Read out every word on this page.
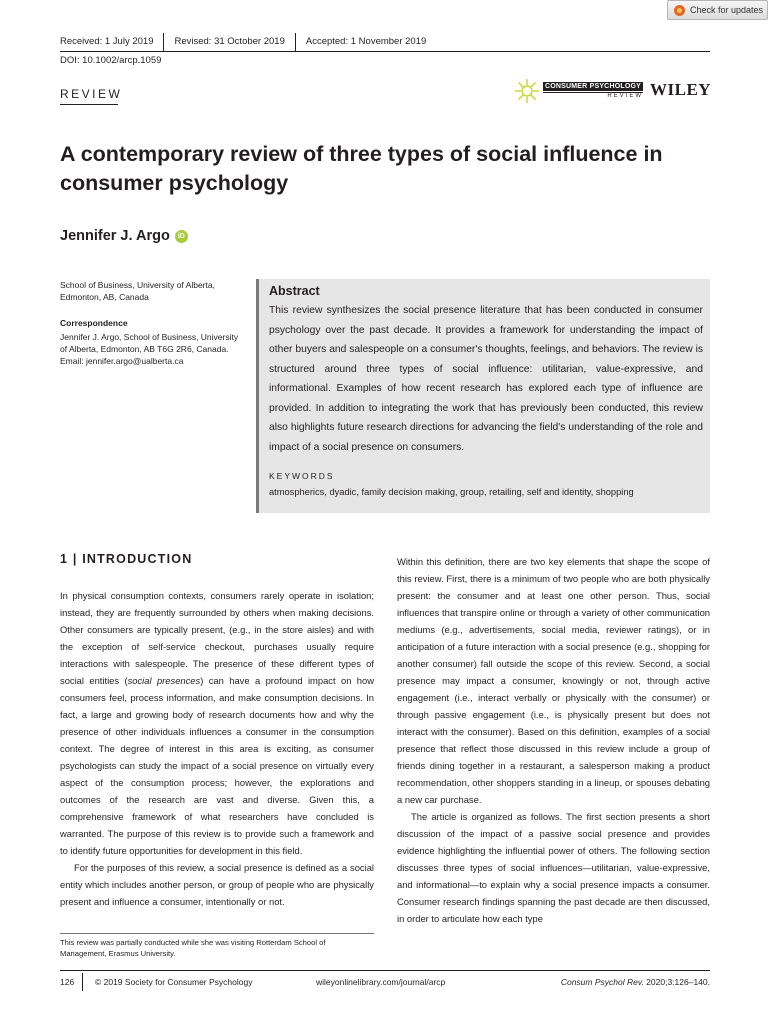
Check for updates
Received: 1 July 2019	Revised: 31 October 2019	Accepted: 1 November 2019
DOI: 10.1002/arcp.1059
REVIEW
CONSUMER PSYCHOLOGY
REVIEW WILEY
A contemporary review of three types of social influence in consumer psychology
Jennifer J. Argo	iD
School of Business, University of Alberta, Edmonton, AB, Canada
Correspondence
Jennifer J. Argo, School of Business, University of Alberta, Edmonton, AB T6G 2R6, Canada.
Email: jennifer.argo@ualberta.ca
Abstract
This review synthesizes the social presence literature that has been conducted in consumer psychology over the past decade. It provides a framework for understanding the impact of other buyers and salespeople on a consumer's thoughts, feelings, and behaviors. The review is structured around three types of social influence: utilitarian, value-expressive, and informational. Examples of how recent research has explored each type of influence are provided. In addition to integrating the work that has previously been conducted, this review also highlights future research directions for advancing the field's understanding of the role and impact of a social presence on consumers.
KEYWORDS
atmospherics, dyadic, family decision making, group, retailing, self and identity, shopping
1 | INTRODUCTION

In physical consumption contexts, consumers rarely operate in isolation; instead, they are frequently surrounded by others when making decisions. Other consumers are typically present, (e.g., in the store aisles) and with the exception of self-service checkout, purchases usually require interactions with salespeople. The presence of these different types of social entities (social presences) can have a profound impact on how consumers feel, process information, and make consumption decisions. In fact, a large and growing body of research documents how and why the presence of other individuals influences a consumer in the consumption context. The degree of interest in this area is exciting, as consumer psychologists can study the impact of a social presence on virtually every aspect of the consumption process; however, the explorations and outcomes of the research are vast and diverse. Given this, a comprehensive framework of what researchers have concluded is warranted. The purpose of this review is to provide such a framework and to identify future opportunities for development in this field.

For the purposes of this review, a social presence is defined as a social entity which includes another person, or group of people who are physically present and influence a consumer, intentionally or not.

Within this definition, there are two key elements that shape the scope of this review. First, there is a minimum of two people who are both physically present: the consumer and at least one other person. Thus, social influences that transpire online or through a variety of other communication mediums (e.g., advertisements, social media, reviewer ratings), or in anticipation of a future interaction with a social presence (e.g., shopping for another consumer) fall outside the scope of this review. Second, a social presence may impact a consumer, knowingly or not, through active engagement (i.e., interact verbally or physically with the consumer) or through passive engagement (i.e., is physically present but does not interact with the consumer). Based on this definition, examples of a social presence that reflect those discussed in this review include a group of friends dining together in a restaurant, a salesperson making a product recommendation, other shoppers standing in a lineup, or spouses debating a new car purchase.

The article is organized as follows. The first section presents a short discussion of the impact of a passive social presence and provides evidence highlighting the influential power of others. The following section discusses three types of social influences—utilitarian, value-expressive, and informational—to explain why a social presence impacts a consumer. Consumer research findings spanning the past decade are then discussed, in order to articulate how each type

This review was partially conducted while she was visiting Rotterdam School of Management, Erasmus University.
126	© 2019 Society for Consumer Psychology	wileyonlinelibrary.com/journal/arcp	Consum Psychol Rev. 2020;3:126–140.
